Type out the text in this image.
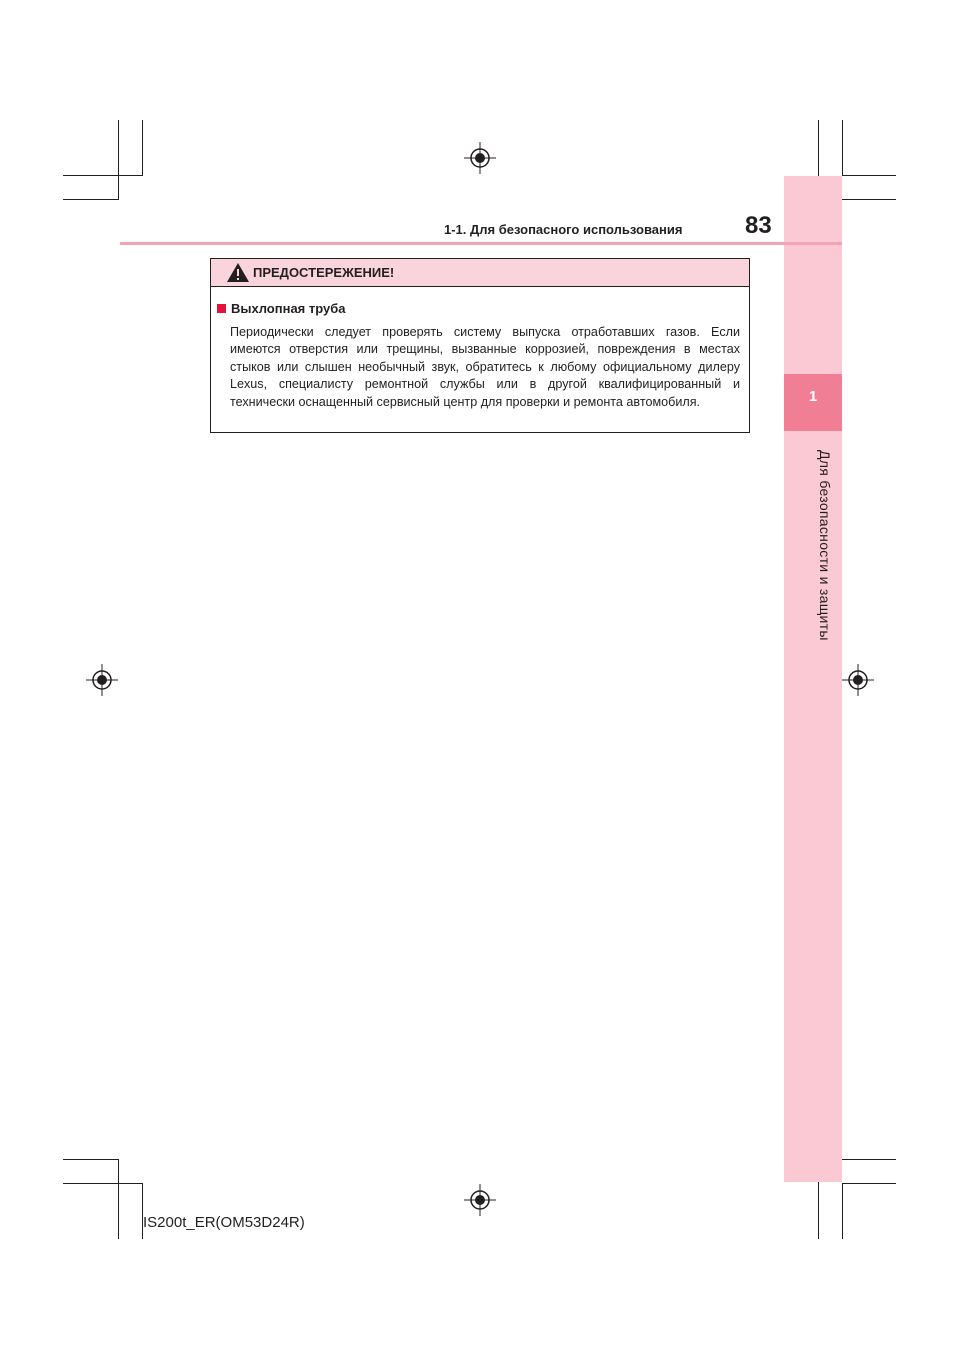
1
Для безопасности и защиты
1-1. Для безопасного использования	83
ПРЕДОСТЕРЕЖЕНИЕ!
Выхлопная труба
Периодически следует проверять систему выпуска отработавших газов. Если имеются отверстия или трещины, вызванные коррозией, повреждения в местах стыков или слышен необычный звук, обратитесь к любому официальному дилеру Lexus, специалисту ремонтной службы или в другой квалифицированный и технически оснащенный сервисный центр для проверки и ремонта автомобиля.
IS200t_ER(OM53D24R)
